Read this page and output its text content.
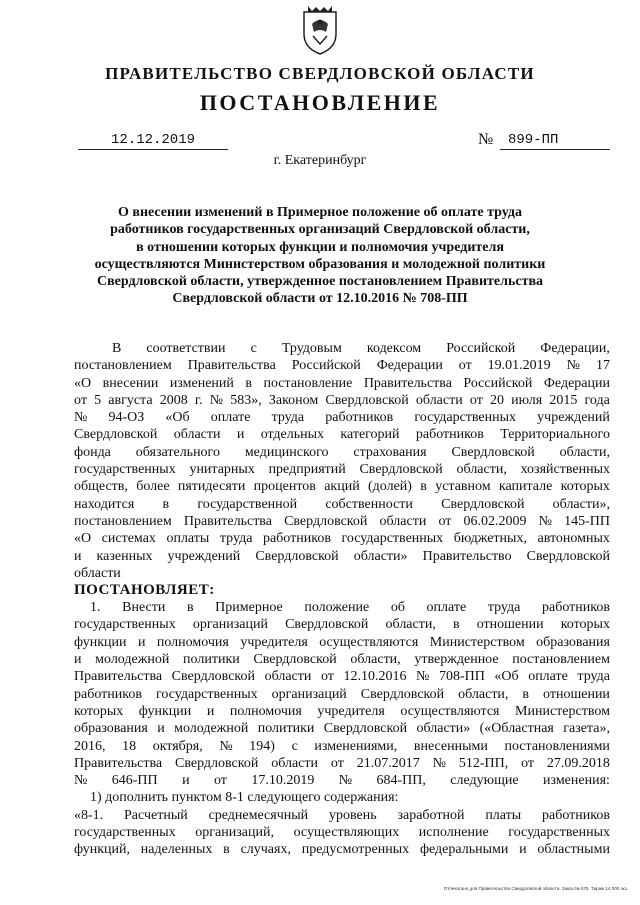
ПРАВИТЕЛЬСТВО СВЕРДЛОВСКОЙ ОБЛАСТИ
ПОСТАНОВЛЕНИЕ
12.12.2019	№	899-ПП
г. Екатеринбург
О внесении изменений в Примерное положение об оплате труда
работников государственных организаций Свердловской области,
в отношении которых функции и полномочия учредителя
осуществляются Министерством образования и молодежной политики
Свердловской области, утвержденное постановлением Правительства
Свердловской области от 12.10.2016 № 708-ПП
В соответствии с Трудовым кодексом Российской Федерации,
постановлением Правительства Российской Федерации от 19.01.2019 № 17
«О внесении изменений в постановление Правительства Российской Федерации
от 5 августа 2008 г. № 583», Законом Свердловской области от 20 июля 2015 года
№ 94-ОЗ «Об оплате труда работников государственных учреждений
Свердловской области и отдельных категорий работников Территориального
фонда обязательного медицинского страхования Свердловской области,
государственных унитарных предприятий Свердловской области, хозяйственных
обществ, более пятидесяти процентов акций (долей) в уставном капитале которых
находится в государственной собственности Свердловской области»,
постановлением Правительства Свердловской области от 06.02.2009 № 145-ПП
«О системах оплаты труда работников государственных бюджетных, автономных
и казенных учреждений Свердловской области» Правительство Свердловской
области
ПОСТАНОВЛЯЕТ:
1. Внести в Примерное положение об оплате труда работников
государственных организаций Свердловской области, в отношении которых
функции и полномочия учредителя осуществляются Министерством образования
и молодежной политики Свердловской области, утвержденное постановлением
Правительства Свердловской области от 12.10.2016 № 708-ПП «Об оплате труда
работников государственных организаций Свердловской области, в отношении
которых функции и полномочия учредителя осуществляются Министерством
образования и молодежной политики Свердловской области» («Областная газета»,
2016, 18 октября, № 194) с изменениями, внесенными постановлениями
Правительства Свердловской области от 21.07.2017 № 512-ПП, от 27.09.2018
№ 646-ПП и от 17.10.2019 № 684-ПП, следующие изменения:
1) дополнить пунктом 8-1 следующего содержания:
«8-1. Расчетный среднемесячный уровень заработной платы работников
государственных организаций, осуществляющих исполнение государственных
функций, наделенных в случаях, предусмотренных федеральными и областными
Отпечатано для Правительства Свердловской области. Заказ № 575. Тираж 14 000 экз.
